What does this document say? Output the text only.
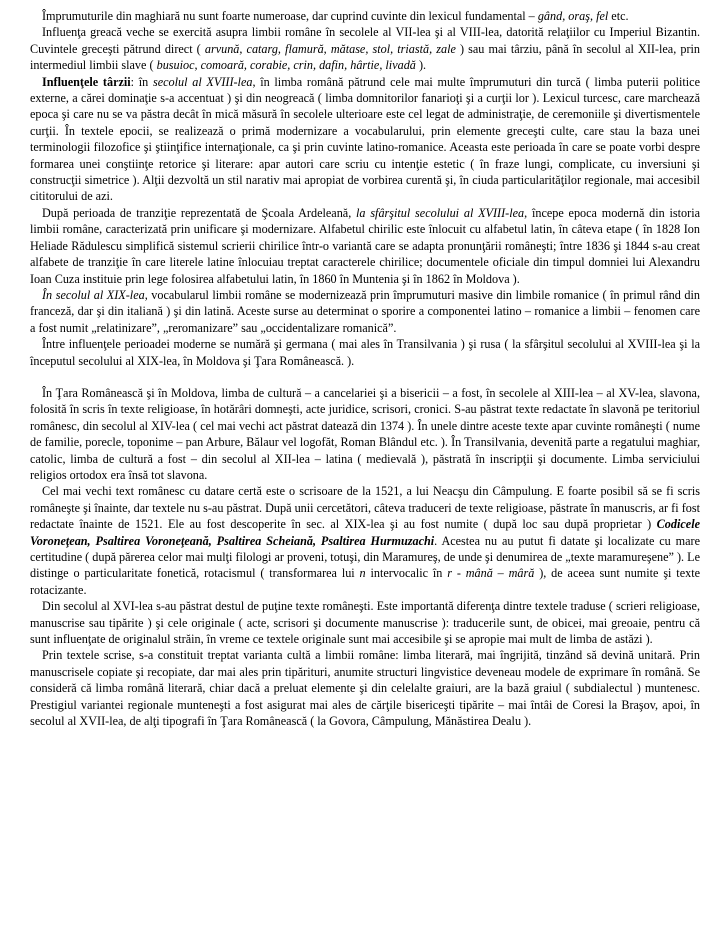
Împrumuturile din maghiară nu sunt foarte numeroase, dar cuprind cuvinte din lexicul fundamental – gând, oraş, fel etc.

Influenţa greacă veche se exercită asupra limbii române în secolele al VII-lea şi al VIII-lea, datorită relaţiilor cu Imperiul Bizantin. Cuvintele greceşti pătrund direct ( arvună, catarg, flamură, mătase, stol, triastă, zale ) sau mai târziu, până în secolul al XII-lea, prin intermediul limbii slave ( busuioc, comoară, corabie, crin, dafin, hârtie, livadă ).

Influenţele târzii: în secolul al XVIII-lea, în limba română pătrund cele mai multe împrumuturi din turcă ( limba puterii politice externe, a cărei dominaţie s-a accentuat ) şi din neogreacă ( limba domnitorilor fanarioţi şi a curţii lor ). Lexicul turcesc, care marchează epoca şi care nu se va păstra decât în mică măsură în secolele ulterioare este cel legat de administraţie, de ceremoniile şi divertismentele curţii. În textele epocii, se realizează o primă modernizare a vocabularului, prin elemente greceşti culte, care stau la baza unei terminologii filozofice şi ştiinţifice internaţionale, ca şi prin cuvinte latino-romanice. Aceasta este perioada în care se poate vorbi despre formarea unei conştiinţe retorice şi literare: apar autori care scriu cu intenţie estetic ( în fraze lungi, complicate, cu inversiuni şi construcţii simetrice ). Alţii dezvoltă un stil narativ mai apropiat de vorbirea curentă şi, în ciuda particularităţilor regionale, mai accesibil cititorului de azi.

După perioada de tranziţie reprezentată de Şcoala Ardeleană, la sfârşitul secolului al XVIII-lea, începe epoca modernă din istoria limbii române, caracterizată prin unificare şi modernizare. Alfabetul chirilic este înlocuit cu alfabetul latin, în câteva etape ( în 1828 Ion Heliade Rădulescu simplifică sistemul scrierii chirilice într-o variantă care se adapta pronunţării româneşti; între 1836 şi 1844 s-au creat alfabete de tranziţie în care literele latine înlocuiau treptat caracterele chirilice; documentele oficiale din timpul domniei lui Alexandru Ioan Cuza instituie prin lege folosirea alfabetului latin, în 1860 în Muntenia şi în 1862 în Moldova ).

În secolul al XIX-lea, vocabularul limbii române se modernizează prin împrumuturi masive din limbile romanice ( în primul rând din franceză, dar şi din italiană ) şi din latină. Aceste surse au determinat o sporire a componentei latino – romanice a limbii – fenomen care a fost numit „relatinizare”, „reromanizare” sau „occidentalizare romanică”.

Între influenţele perioadei moderne se numără şi germana ( mai ales în Transilvania ) şi rusa ( la sfârşitul secolului al XVIII-lea şi la începutul secolului al XIX-lea, în Moldova şi Ţara Românească. ).

În Ţara Românească şi în Moldova, limba de cultură – a cancelariei şi a bisericii – a fost, în secolele al XIII-lea – al XV-lea, slavona, folosită în scris în texte religioase, în hotărâri domneşti, acte juridice, scrisori, cronici. S-au păstrat texte redactate în slavonă pe teritoriul românesc, din secolul al XIV-lea ( cel mai vechi act păstrat datează din 1374 ). În unele dintre aceste texte apar cuvinte româneşti ( nume de familie, porecle, toponime – pan Arbure, Bălaur vel logofăt, Roman Blândul etc. ). În Transilvania, devenită parte a regatului maghiar, catolic, limba de cultură a fost – din secolul al XII-lea – latina ( medievală ), păstrată în inscripţii şi documente. Limba serviciului religios ortodox era însă tot slavona.

Cel mai vechi text românesc cu datare certă este o scrisoare de la 1521, a lui Neacşu din Câmpulung. E foarte posibil să se fi scris româneşte şi înainte, dar textele nu s-au păstrat. După unii cercetători, câteva traduceri de texte religioase, păstrate în manuscris, ar fi fost redactate înainte de 1521. Ele au fost descoperite în sec. al XIX-lea şi au fost numite ( după loc sau după proprietar ) Codicele Voroneţean, Psaltirea Voroneţeană, Psaltirea Scheiană, Psaltirea Hurmuzachi. Acestea nu au putut fi datate şi localizate cu mare certitudine ( după părerea celor mai mulţi filologi ar proveni, totuşi, din Maramureş, de unde şi denumirea de „texte maramureşene” ). Le distinge o particularitate fonetică, rotacismul ( transformarea lui n intervocalic în r - mână – mâră ), de aceea sunt numite şi texte rotacizante.

Din secolul al XVI-lea s-au păstrat destul de puţine texte româneşti. Este importantă diferenţa dintre textele traduse ( scrieri religioase, manuscrise sau tipărite ) şi cele originale ( acte, scrisori şi documente manuscrise ): traducerile sunt, de obicei, mai greoaie, pentru că sunt influenţate de originalul străin, în vreme ce textele originale sunt mai accesibile şi se apropie mai mult de limba de astăzi ).

Prin textele scrise, s-a constituit treptat varianta cultă a limbii române: limba literară, mai îngrijită, tinzând să devină unitară. Prin manuscrisele copiate şi recopiate, dar mai ales prin tipărituri, anumite structuri lingvistice deveneau modele de exprimare în română. Se consideră că limba română literară, chiar dacă a preluat elemente şi din celelalte graiuri, are la bază graiul ( subdialectul ) muntenesc. Prestigiul variantei regionale munteneşti a fost asigurat mai ales de cărţile bisericeşti tipărite – mai întâi de Coresi la Braşov, apoi, în secolul al XVII-lea, de alţi tipografi în Ţara Românească ( la Govora, Câmpulung, Mănăstirea Dealu ).
